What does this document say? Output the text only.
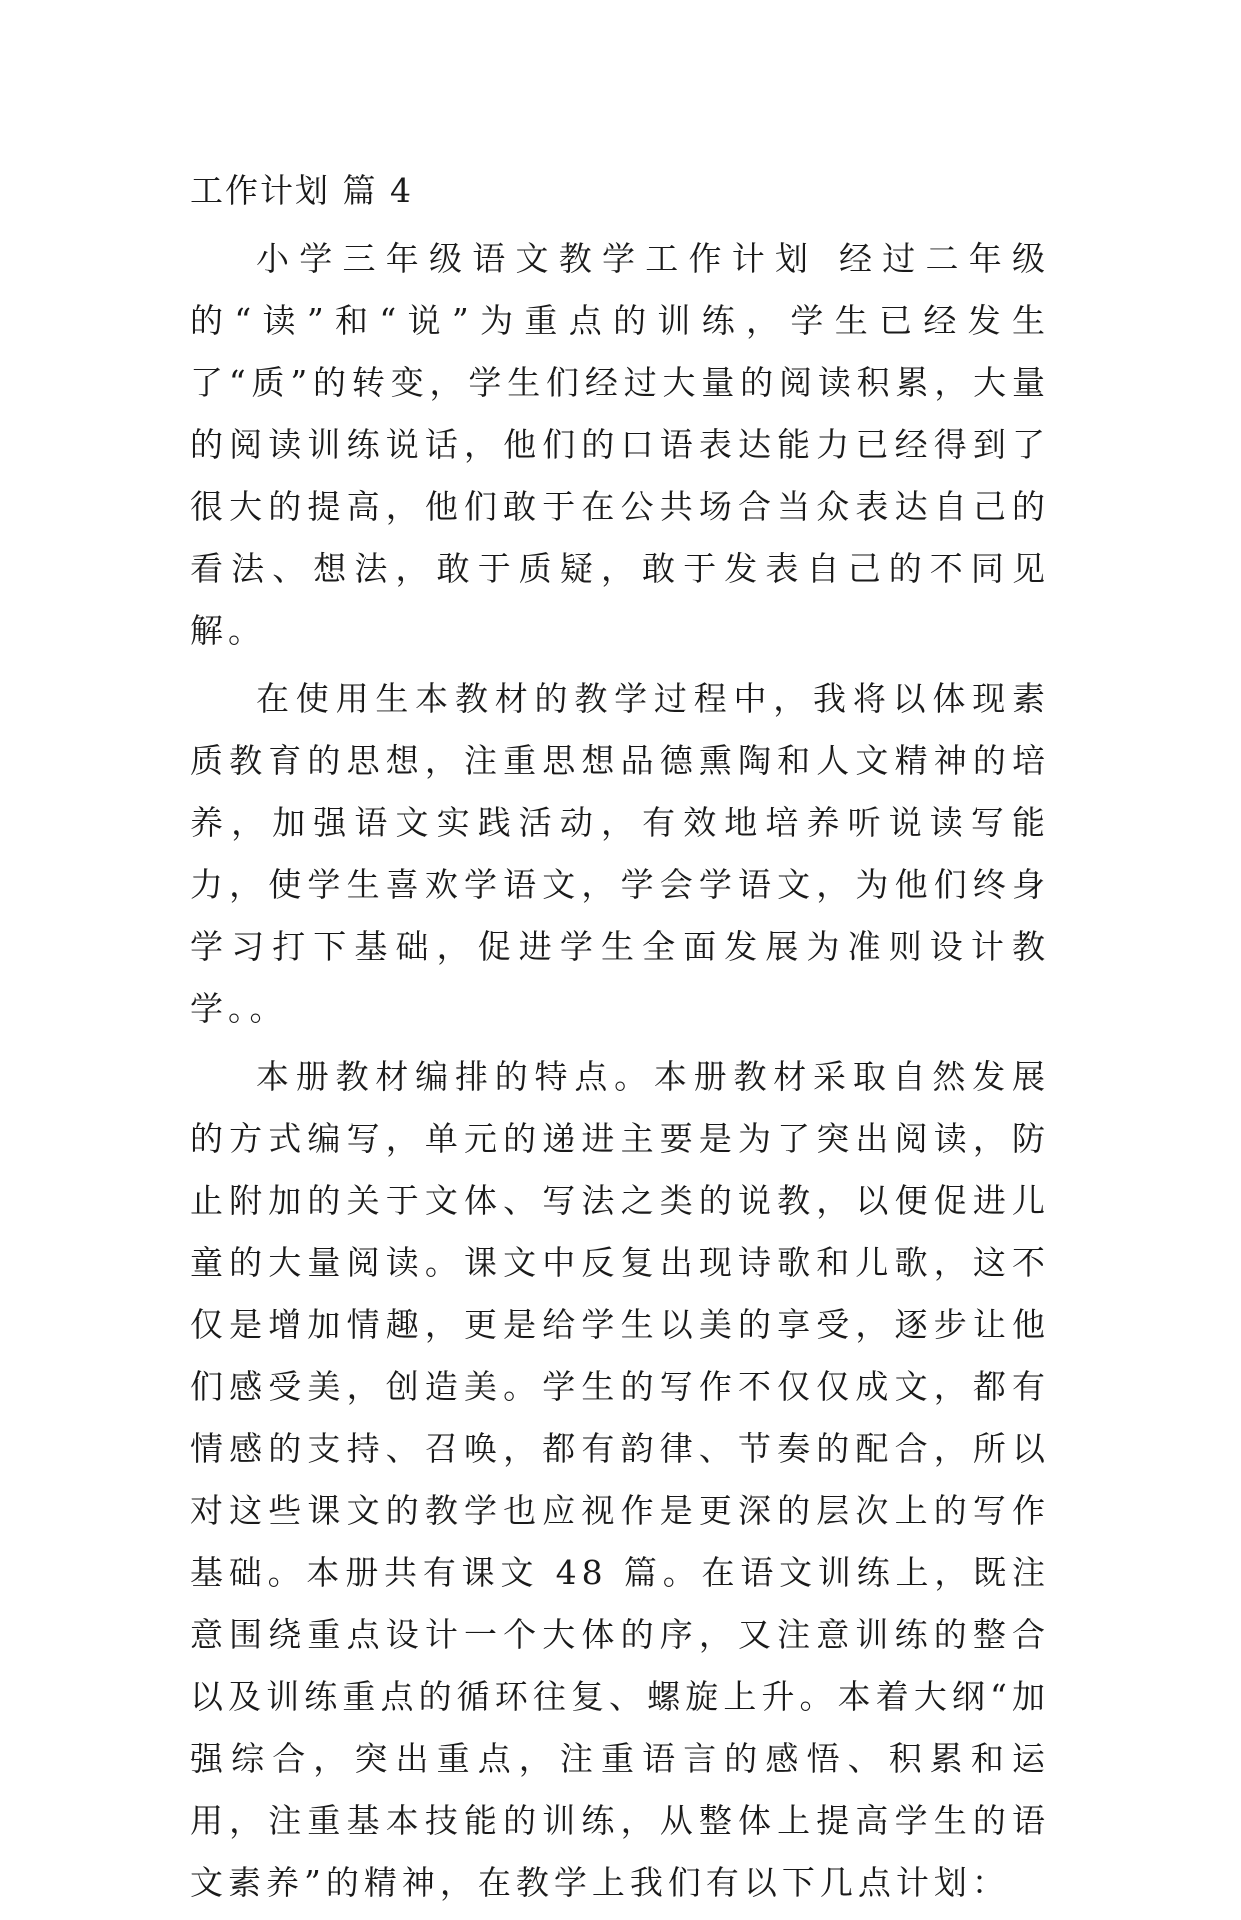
工作计划 篇 4

小学三年级语文教学工作计划 经过二年级的“读”和“说”为重点的训练，学生已经发生了“质”的转变，学生们经过大量的阅读积累，大量的阅读训练说话，他们的口语表达能力已经得到了很大的提高，他们敢于在公共场合当众表达自己的看法、想法，敢于质疑，敢于发表自己的不同见解。

在使用生本教材的教学过程中，我将以体现素质教育的思想，注重思想品德熏陶和人文精神的培养，加强语文实践活动，有效地培养听说读写能力，使学生喜欢学语文，学会学语文，为他们终身学习打下基础，促进学生全面发展为准则设计教学。。

本册教材编排的特点。本册教材采取自然发展的方式编写，单元的递进主要是为了突出阅读，防止附加的关于文体、写法之类的说教，以便促进儿童的大量阅读。课文中反复出现诗歌和儿歌，这不仅是增加情趣，更是给学生以美的享受，逐步让他们感受美，创造美。学生的写作不仅仅成文，都有情感的支持、召唤，都有韵律、节奏的配合，所以对这些课文的教学也应视作是更深的层次上的写作基础。本册共有课文 48 篇。在语文训练上，既注意围绕重点设计一个大体的序，又注意训练的整合以及训练重点的循环往复、螺旋上升。本着大纲“加强综合，突出重点，注重语言的感悟、积累和运用，注重基本技能的训练，从整体上提高学生的语文素养”的精神，在教学上我们有以下几点计划：
